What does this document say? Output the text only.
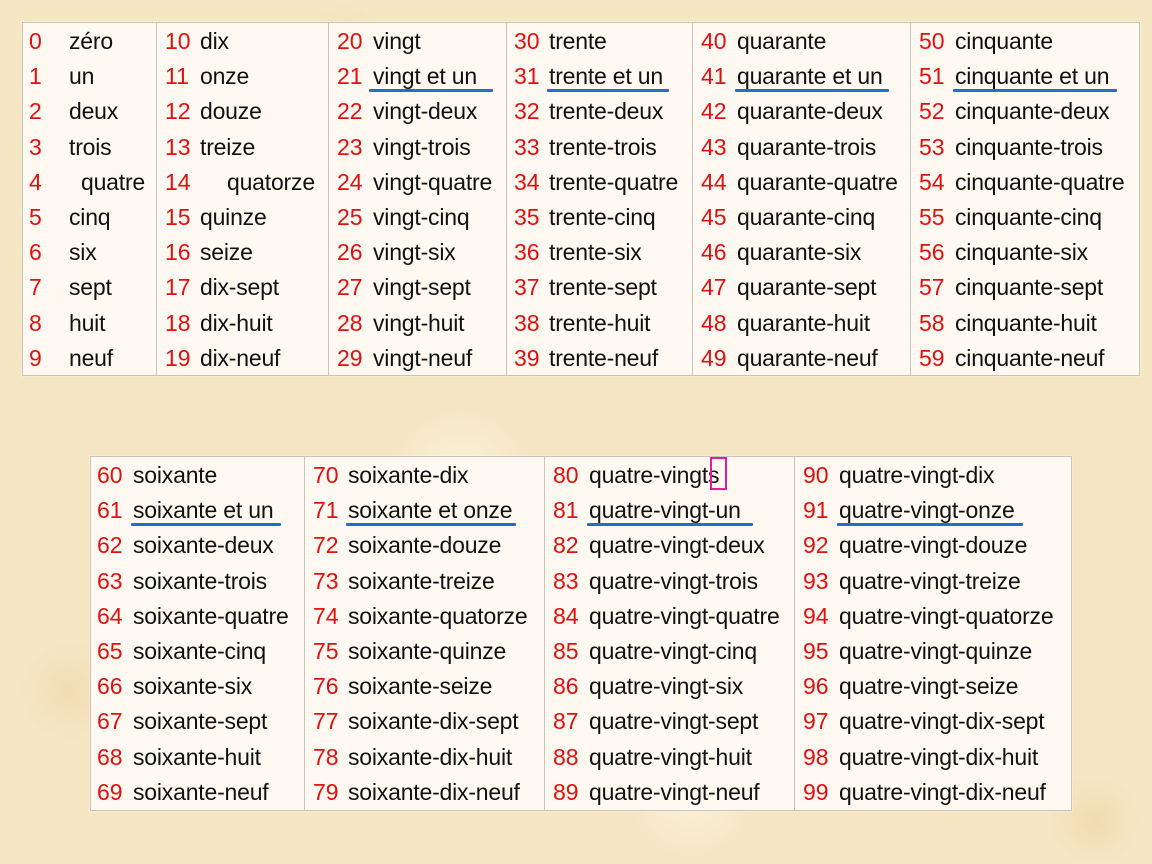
0 zéro
1 un
2 deux
3 trois
4 quatre
5 cinq
6 six
7 sept
8 huit
9 neuf
10 dix
11 onze
12 douze
13 treize
14 quatorze
15 quinze
16 seize
17 dix-sept
18 dix-huit
19 dix-neuf
20 vingt
21 vingt et un
22 vingt-deux
23 vingt-trois
24 vingt-quatre
25 vingt-cinq
26 vingt-six
27 vingt-sept
28 vingt-huit
29 vingt-neuf
30 trente
31 trente et un
32 trente-deux
33 trente-trois
34 trente-quatre
35 trente-cinq
36 trente-six
37 trente-sept
38 trente-huit
39 trente-neuf
40 quarante
41 quarante et un
42 quarante-deux
43 quarante-trois
44 quarante-quatre
45 quarante-cinq
46 quarante-six
47 quarante-sept
48 quarante-huit
49 quarante-neuf
50 cinquante
51 cinquante et un
52 cinquante-deux
53 cinquante-trois
54 cinquante-quatre
55 cinquante-cinq
56 cinquante-six
57 cinquante-sept
58 cinquante-huit
59 cinquante-neuf
60 soixante
61 soixante et un
62 soixante-deux
63 soixante-trois
64 soixante-quatre
65 soixante-cinq
66 soixante-six
67 soixante-sept
68 soixante-huit
69 soixante-neuf
70 soixante-dix
71 soixante et onze
72 soixante-douze
73 soixante-treize
74 soixante-quatorze
75 soixante-quinze
76 soixante-seize
77 soixante-dix-sept
78 soixante-dix-huit
79 soixante-dix-neuf
80 quatre-vingts
81 quatre-vingt-un
82 quatre-vingt-deux
83 quatre-vingt-trois
84 quatre-vingt-quatre
85 quatre-vingt-cinq
86 quatre-vingt-six
87 quatre-vingt-sept
88 quatre-vingt-huit
89 quatre-vingt-neuf
90 quatre-vingt-dix
91 quatre-vingt-onze
92 quatre-vingt-douze
93 quatre-vingt-treize
94 quatre-vingt-quatorze
95 quatre-vingt-quinze
96 quatre-vingt-seize
97 quatre-vingt-dix-sept
98 quatre-vingt-dix-huit
99 quatre-vingt-dix-neuf
